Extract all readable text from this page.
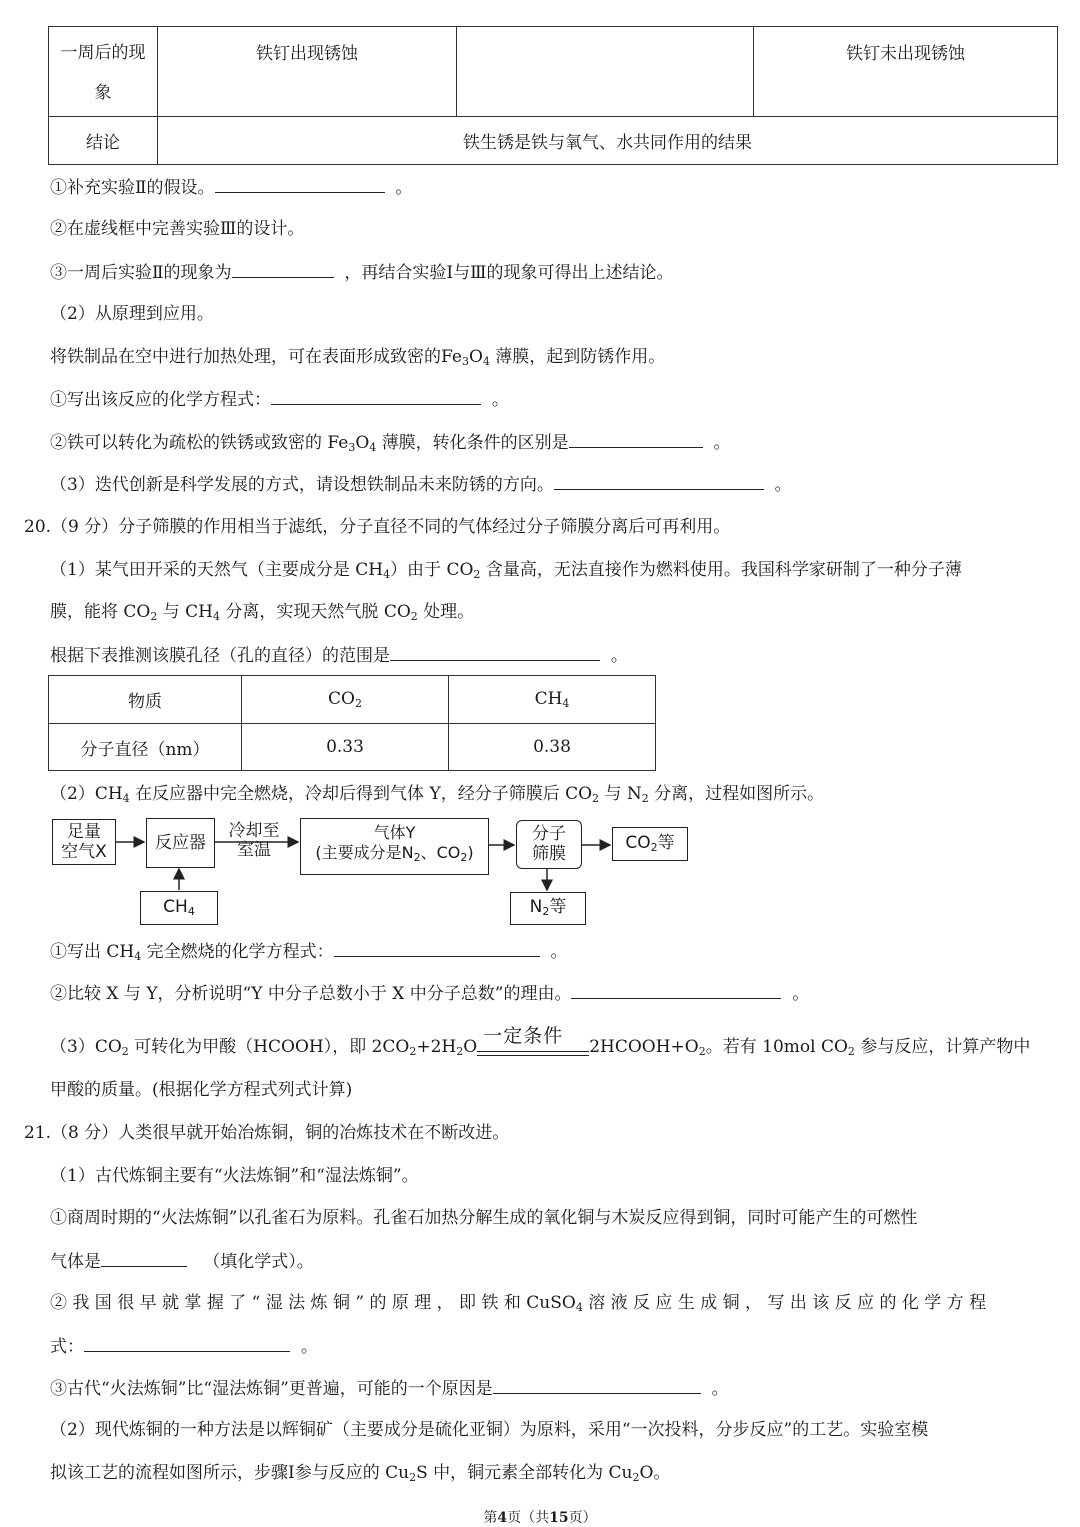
一周后的现象	铁钉出现锈蚀		铁钉未出现锈蚀
结论	铁生锈是铁与氧气、水共同作用的结果		
①补充实验Ⅱ的假设。	。
②在虚线框中完善实验Ⅲ的设计。
③一周后实验Ⅱ的现象为	，再结合实验Ⅰ与Ⅲ的现象可得出上述结论。
（2）从原理到应用。
将铁制品在空中进行加热处理，可在表面形成致密的$Fe_3O_4$ 薄膜，起到防锈作用。
①写出该反应的化学方程式：	。
②铁可以转化为疏松的铁锈或致密的 $Fe_3O_4$ 薄膜，转化条件的区别是	。
（3）迭代创新是科学发展的方式，请设想铁制品未来防锈的方向。	。
20.（9 分）分子筛膜的作用相当于滤纸，分子直径不同的气体经过分子筛膜分离后可再利用。
（1）某气田开采的天然气（主要成分是 $CH_4$）由于 $CO_2$ 含量高，无法直接作为燃料使用。我国科学家研制了一种分子薄
膜，能将 $CO_2$ 与 $CH_4$ 分离，实现天然气脱 $CO_2$ 处理。
根据下表推测该膜孔径（孔的直径）的范围是	。
物质	$CO_2$	$CH_4$
分子直径（nm）	0.33	0.38
$(2)CH_4$ 在反应器中完全燃烧，冷却后得到气体 Y，经分子筛膜后 $CO_2$ 与 $N_2$ 分离，过程如图所示。
足量
空气X	反应器
冷却至
室温
气体Y
(主要成分是$N_2$、$CO_2$)
分子
筛膜
$CO_2$等
$CH_4$	$N_2$等
①写出 $CH_4$ 完全燃烧的化学方程式：	。
②比较 X 与 Y，分析说明“Y 中分子总数小于 X 中分子总数”的理由。	。
$(3)CO_2$ 可转化为甲酸（HCOOH），即 $2CO_2+2H_2O$ 一定条件 $2HCOOH+O_2$。若有 10mol $CO_2$ 参与反应，计算产物中
甲酸的质量。(根据化学方程式列式计算)
21.（8 分）人类很早就开始冶炼铜，铜的冶炼技术在不断改进。
（1）古代炼铜主要有“火法炼铜”和“湿法炼铜”。
①商周时期的“火法炼铜”以孔雀石为原料。孔雀石加热分解生成的氧化铜与木炭反应得到铜，同时可能产生的可燃性
气体是	（填化学式）。
② 我 国 很 早 就 掌 握 了 “ 湿 法 炼 铜 ” 的 原 理 ， 即 铁 和 CuSO$_4$ 溶 液 反 应 生 成 铜 ， 写 出 该 反 应 的 化 学 方 程
式：	。
③古代“火法炼铜”比“湿法炼铜”更普遍，可能的一个原因是	。
（2）现代炼铜的一种方法是以辉铜矿（主要成分是硫化亚铜）为原料，采用“一次投料，分步反应”的工艺。实验室模
拟该工艺的流程如图所示，步骤Ⅰ参与反应的 $Cu_2S$ 中，铜元素全部转化为 $Cu_2O$。
第4页（共15页）
